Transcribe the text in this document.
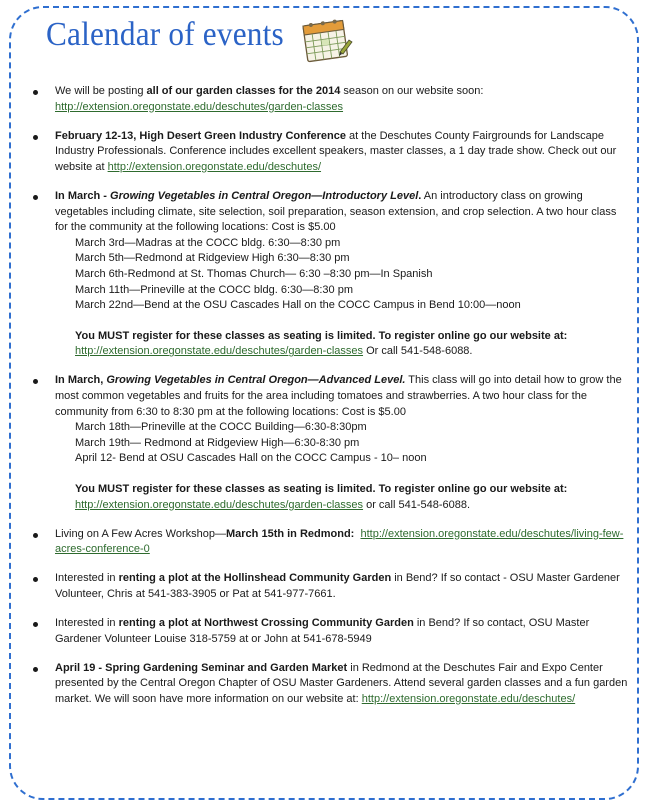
Calendar of events
We will be posting all of our garden classes for the 2014 season on our website soon:
http://extension.oregonstate.edu/deschutes/garden-classes
February 12-13, High Desert Green Industry Conference at the Deschutes County Fairgrounds for Landscape Industry Professionals. Conference includes excellent speakers, master classes, a 1 day trade show. Check out our website at http://extension.oregonstate.edu/deschutes/
In March - Growing Vegetables in Central Oregon—Introductory Level. An introductory class on growing vegetables including climate, site selection, soil preparation, season extension, and crop selection. A two hour class for the community at the following locations: Cost is $5.00
March 3rd—Madras at the COCC bldg. 6:30—8:30 pm
March 5th—Redmond at Ridgeview High 6:30—8:30 pm
March 6th-Redmond at St. Thomas Church— 6:30 –8:30 pm—In Spanish
March 11th—Prineville at the COCC bldg. 6:30—8:30 pm
March 22nd—Bend at the OSU Cascades Hall on the COCC Campus in Bend 10:00—noon
You MUST register for these classes as seating is limited. To register online go our website at:
http://extension.oregonstate.edu/deschutes/garden-classes Or call 541-548-6088.
In March, Growing Vegetables in Central Oregon—Advanced Level. This class will go into detail how to grow the most common vegetables and fruits for the area including tomatoes and strawberries. A two hour class for the community from 6:30 to 8:30 pm at the following locations: Cost is $5.00
March 18th—Prineville at the COCC Building—6:30-8:30pm
March 19th— Redmond at Ridgeview High—6:30-8:30 pm
April 12- Bend at OSU Cascades Hall on the COCC Campus - 10– noon
You MUST register for these classes as seating is limited. To register online go our website at:
http://extension.oregonstate.edu/deschutes/garden-classes or call 541-548-6088.
Living on A Few Acres Workshop—March 15th in Redmond: http://extension.oregonstate.edu/deschutes/living-few-acres-conference-0
Interested in renting a plot at the Hollinshead Community Garden in Bend? If so contact - OSU Master Gardener Volunteer, Chris at 541-383-3905 or Pat at 541-977-7661.
Interested in renting a plot at Northwest Crossing Community Garden in Bend? If so contact, OSU Master Gardener Volunteer Louise 318-5759 at or John at 541-678-5949
April 19 - Spring Gardening Seminar and Garden Market in Redmond at the Deschutes Fair and Expo Center presented by the Central Oregon Chapter of OSU Master Gardeners. Attend several garden classes and a fun garden market. We will soon have more information on our website at: http://extension.oregonstate.edu/deschutes/
